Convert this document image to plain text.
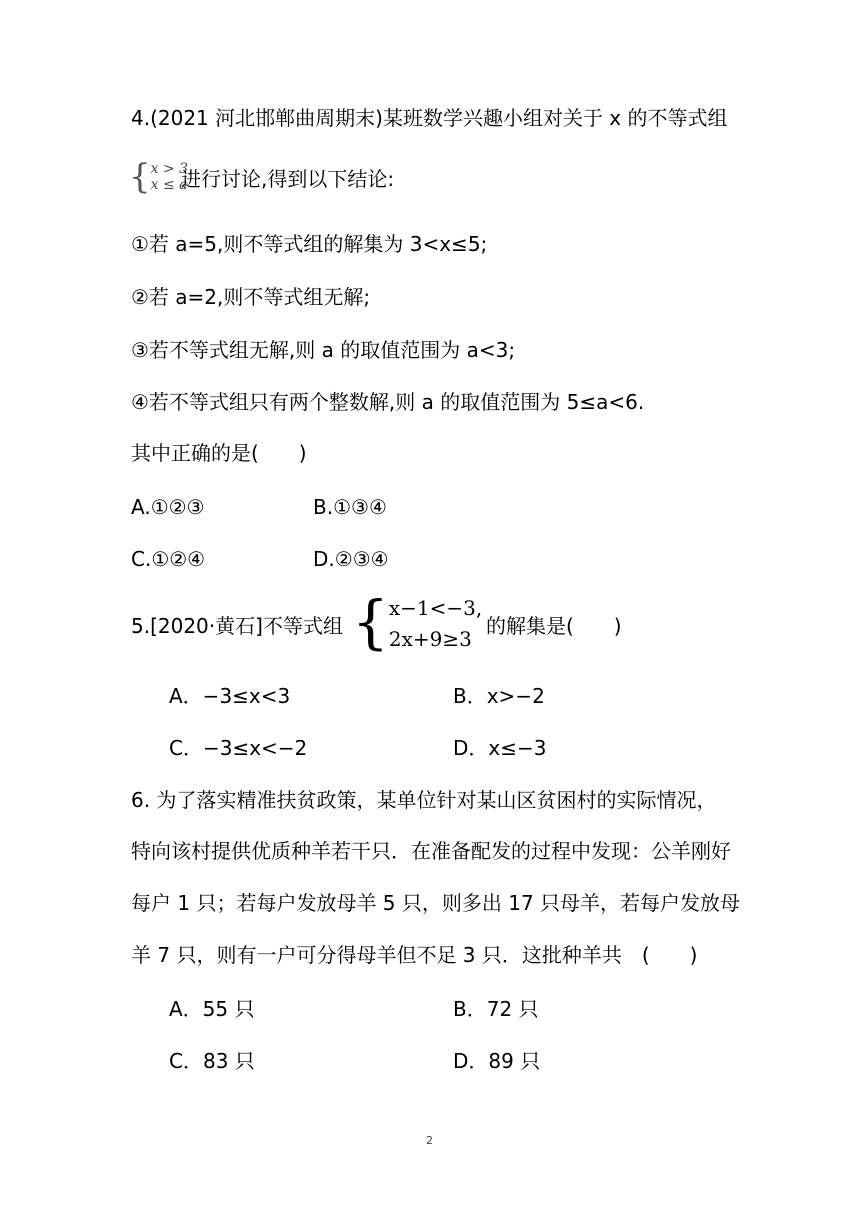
4.(2021 河北邯郸曲周期末)某班数学兴趣小组对关于 x 的不等式组
{ x > 3,
x ≤ a
进行讨论,得到以下结论:
①若 a=5,则不等式组的解集为 3<x≤5;
②若 a=2,则不等式组无解;
③若不等式组无解,则 a 的取值范围为 a<3;
④若不等式组只有两个整数解,则 a 的取值范围为 5≤a<6.
其中正确的是(　　)
A.①②③	B.①③④
C.①②④	D.②③④
5.[2020·黄石]不等式组 { x−1<−3,
2x+9≥3
的解集是(　　)
A．−3≤x<3	B．x>−2
C．−3≤x<−2	D．x≤−3
6. 为了落实精准扶贫政策，某单位针对某山区贫困村的实际情况，
特向该村提供优质种羊若干只．在准备配发的过程中发现：公羊刚好
每户 1 只；若每户发放母羊 5 只，则多出 17 只母羊，若每户发放母
羊 7 只，则有一户可分得母羊但不足 3 只．这批种羊共　(　　)
A．55 只	B．72 只
C．83 只	D．89 只
2
